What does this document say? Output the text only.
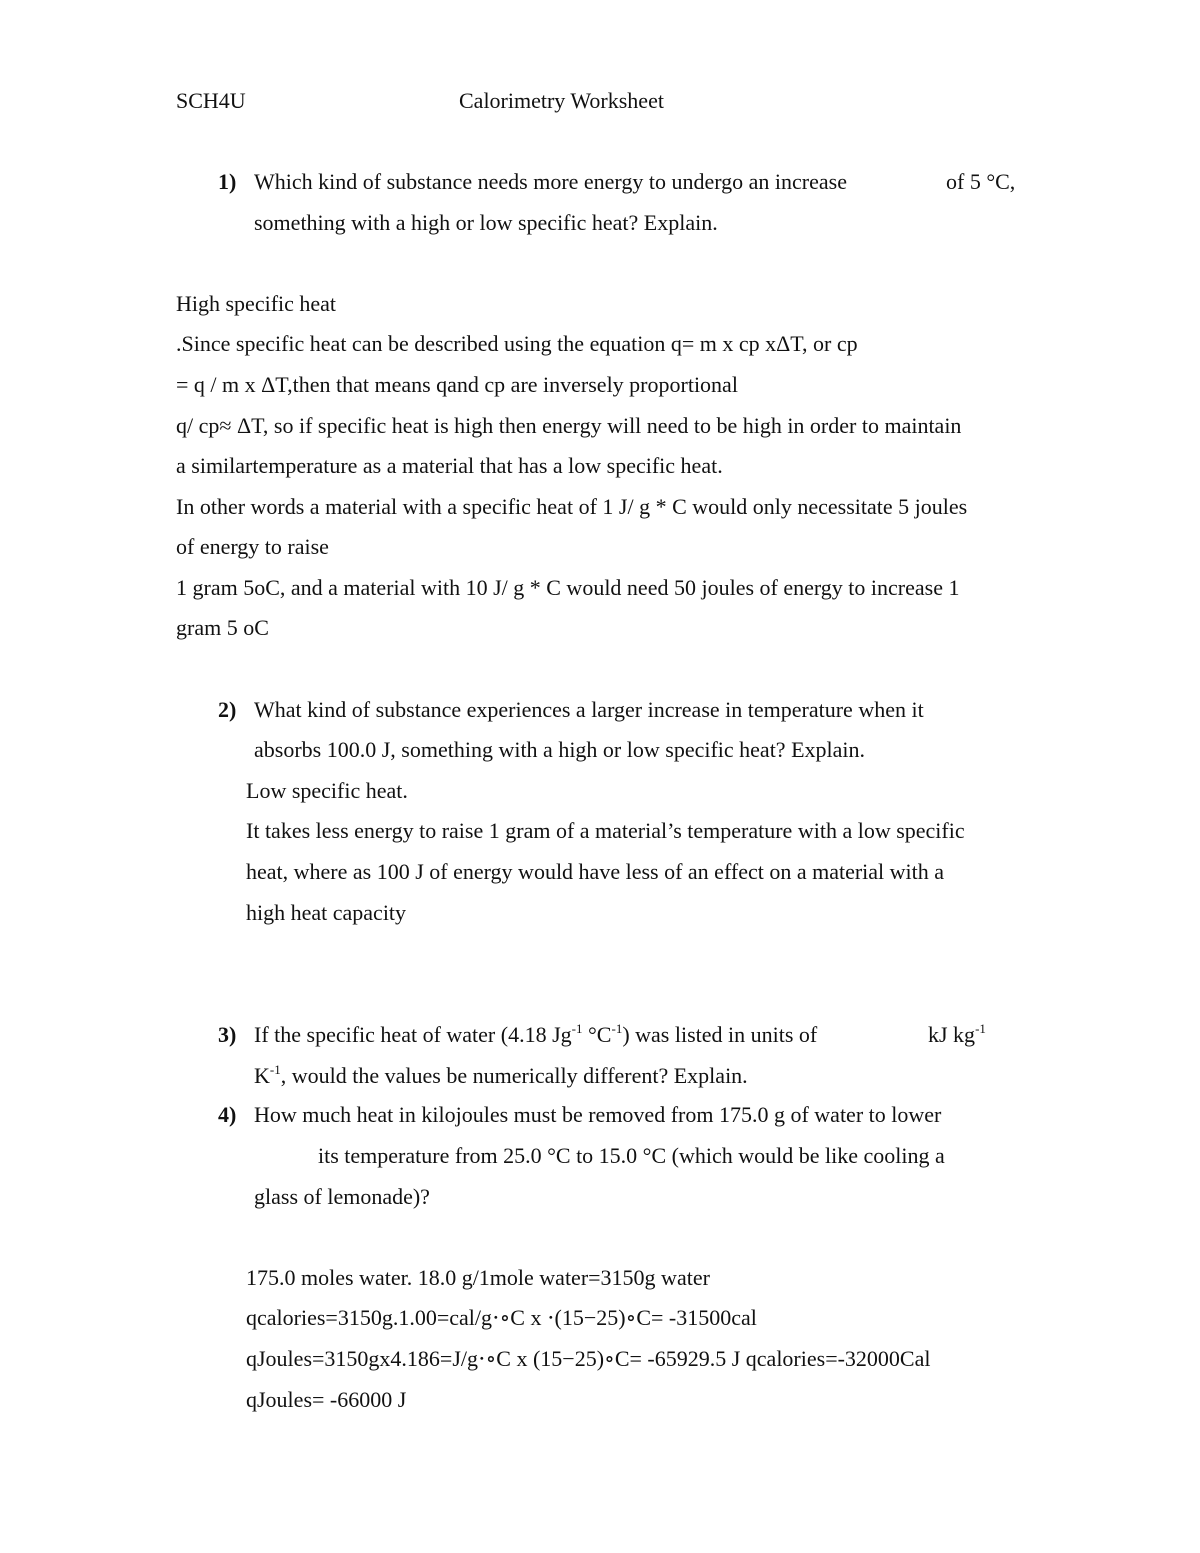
SCH4U	Calorimetry Worksheet
1) Which kind of substance needs more energy to undergo an increase	of 5 °C,
something with a high or low specific heat? Explain.
High specific heat
.Since specific heat can be described using the equation q= m x cp xΔT, or cp
= q / m x ΔT,then that means qand cp are inversely proportional
q/ cp≈ ΔT, so if specific heat is high then energy will need to be high in order to maintain
a similartemperature as a material that has a low specific heat.
In other words a material with a specific heat of 1 J/ g * C would only necessitate 5 joules
of energy to raise
1 gram 5oC, and a material with 10 J/ g * C would need 50 joules of energy to increase 1
gram 5 oC
2) What kind of substance experiences a larger increase in temperature when it
absorbs 100.0 J, something with a high or low specific heat? Explain.
Low specific heat.
It takes less energy to raise 1 gram of a material’s temperature with a low specific
heat, where as 100 J of energy would have less of an effect on a material with a
high heat capacity
3) If the specific heat of water (4.18 $Jg^{-1}$ $^\circ C^{-1}$) was listed in units of	kJ $kg^{-1}$
$K^{-1}$, would the values be numerically different? Explain.
4) How much heat in kilojoules must be removed from 175.0 g of water to lower
its temperature from 25.0 °C to 15.0 °C (which would be like cooling a
glass of lemonade)?
175.0 moles water. 18.0 g/1mole water=3150g water
qcalories=3150g.1.00=cal/g⋅∘C x ⋅(15−25)∘C= -31500cal
qJoules=3150gx4.186=J/g⋅∘C x (15−25)∘C= -65929.5 J qcalories=-32000Cal
qJoules= -66000 J
